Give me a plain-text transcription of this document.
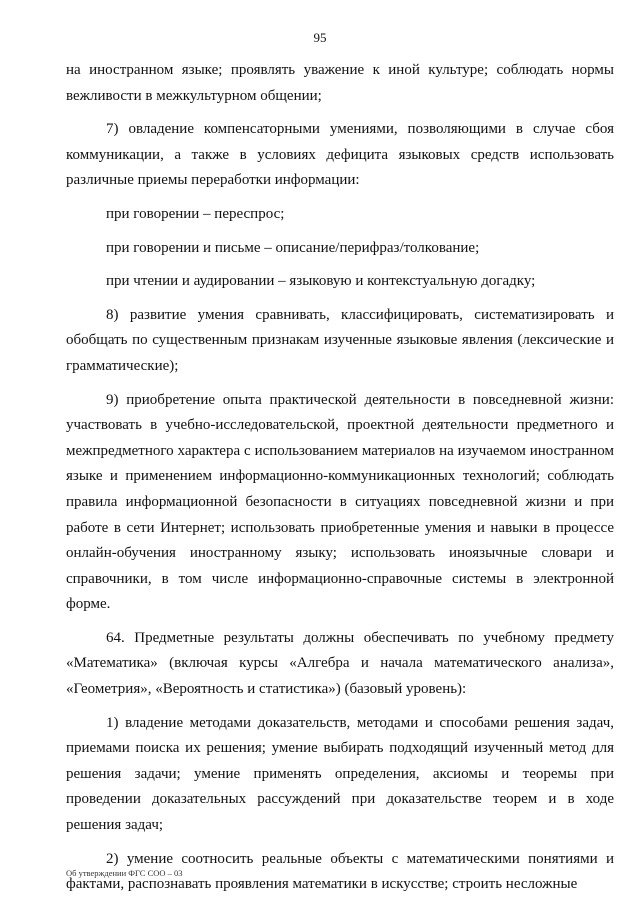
95

на иностранном языке; проявлять уважение к иной культуре; соблюдать нормы вежливости в межкультурном общении;

7) овладение компенсаторными умениями, позволяющими в случае сбоя коммуникации, а также в условиях дефицита языковых средств использовать различные приемы переработки информации:

при говорении – переспрос;

при говорении и письме – описание/перифраз/толкование;

при чтении и аудировании – языковую и контекстуальную догадку;

8) развитие умения сравнивать, классифицировать, систематизировать и обобщать по существенным признакам изученные языковые явления (лексические и грамматические);

9) приобретение опыта практической деятельности в повседневной жизни: участвовать в учебно-исследовательской, проектной деятельности предметного и межпредметного характера с использованием материалов на изучаемом иностранном языке и применением информационно-коммуникационных технологий; соблюдать правила информационной безопасности в ситуациях повседневной жизни и при работе в сети Интернет; использовать приобретенные умения и навыки в процессе онлайн-обучения иностранному языку; использовать иноязычные словари и справочники, в том числе информационно-справочные системы в электронной форме.

64. Предметные результаты должны обеспечивать по учебному предмету «Математика» (включая курсы «Алгебра и начала математического анализа», «Геометрия», «Вероятность и статистика») (базовый уровень):

1) владение методами доказательств, методами и способами решения задач, приемами поиска их решения; умение выбирать подходящий изученный метод для решения задачи; умение применять определения, аксиомы и теоремы при проведении доказательных рассуждений при доказательстве теорем и в ходе решения задач;

2) умение соотносить реальные объекты с математическими понятиями и фактами, распознавать проявления математики в искусстве; строить несложные

Об утверждении ФГС СОО – 03
